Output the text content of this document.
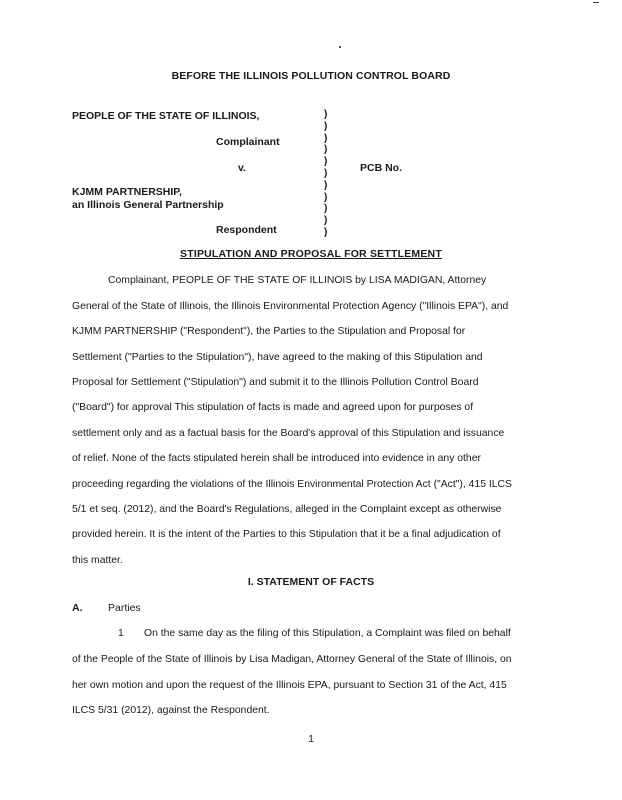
BEFORE THE ILLINOIS POLLUTION CONTROL BOARD
PEOPLE OF THE STATE OF ILLINOIS,
Complainant
v.	PCB No.
KJMM PARTNERSHIP,
an Illinois General Partnership
Respondent
)
)
)
)
)
)
)
)
)
)
)
STIPULATION AND PROPOSAL FOR SETTLEMENT
Complainant, PEOPLE OF THE STATE OF ILLINOIS by LISA MADIGAN, Attorney
General of the State of Illinois, the Illinois Environmental Protection Agency ("Illinois EPA"), and
KJMM PARTNERSHIP ("Respondent"), the Parties to the Stipulation and Proposal for
Settlement ("Parties to the Stipulation"), have agreed to the making of this Stipulation and
Proposal for Settlement ("Stipulation") and submit it to the Illinois Pollution Control Board
("Board") for approval This stipulation of facts is made and agreed upon for purposes of
settlement only and as a factual basis for the Board's approval of this Stipulation and issuance
of relief. None of the facts stipulated herein shall be introduced into evidence in any other
proceeding regarding the violations of the Illinois Environmental Protection Act ("Act"), 415 ILCS
5/1 et seq. (2012), and the Board's Regulations, alleged in the Complaint except as otherwise
provided herein. It is the intent of the Parties to this Stipulation that it be a final adjudication of
this matter.
I. STATEMENT OF FACTS
A. Parties
1 On the same day as the filing of this Stipulation, a Complaint was filed on behalf
of the People of the State of Illinois by Lisa Madigan, Attorney General of the State of Illinois, on
her own motion and upon the request of the Illinois EPA, pursuant to Section 31 of the Act, 415
ILCS 5/31 (2012), against the Respondent.
1
